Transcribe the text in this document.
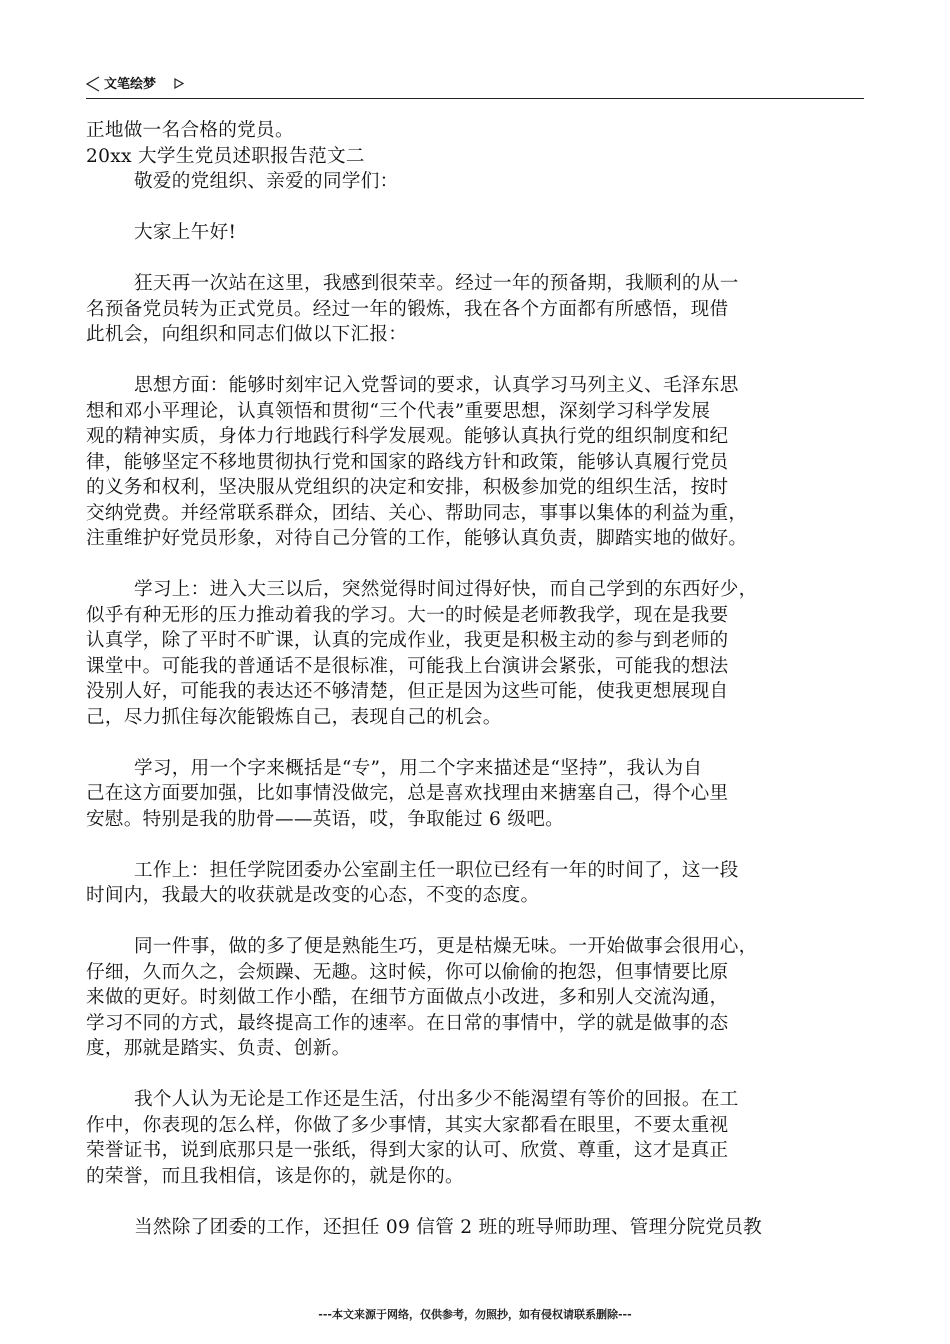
文笔绘梦
正地做一名合格的党员。
20xx 大学生党员述职报告范文二
敬爱的党组织、亲爱的同学们：
大家上午好!
狂天再一次站在这里，我感到很荣幸。经过一年的预备期，我顺利的从一
名预备党员转为正式党员。经过一年的锻炼，我在各个方面都有所感悟，现借
此机会，向组织和同志们做以下汇报：
思想方面：能够时刻牢记入党誓词的要求，认真学习马列主义、毛泽东思
想和邓小平理论，认真领悟和贯彻“三个代表”重要思想，深刻学习科学发展
观的精神实质，身体力行地践行科学发展观。能够认真执行党的组织制度和纪
律，能够坚定不移地贯彻执行党和国家的路线方针和政策，能够认真履行党员
的义务和权利，坚决服从党组织的决定和安排，积极参加党的组织生活，按时
交纳党费。并经常联系群众，团结、关心、帮助同志，事事以集体的利益为重，
注重维护好党员形象，对待自己分管的工作，能够认真负责，脚踏实地的做好。
学习上：进入大三以后，突然觉得时间过得好快，而自己学到的东西好少，
似乎有种无形的压力推动着我的学习。大一的时候是老师教我学，现在是我要
认真学，除了平时不旷课，认真的完成作业，我更是积极主动的参与到老师的
课堂中。可能我的普通话不是很标准，可能我上台演讲会紧张，可能我的想法
没别人好，可能我的表达还不够清楚，但正是因为这些可能，使我更想展现自
己，尽力抓住每次能锻炼自己，表现自己的机会。
学习，用一个字来概括是“专”，用二个字来描述是“坚持”，我认为自
己在这方面要加强，比如事情没做完，总是喜欢找理由来搪塞自己，得个心里
安慰。特别是我的肋骨——英语，哎，争取能过 6 级吧。
工作上：担任学院团委办公室副主任一职位已经有一年的时间了，这一段
时间内，我最大的收获就是改变的心态，不变的态度。
同一件事，做的多了便是熟能生巧，更是枯燥无味。一开始做事会很用心，
仔细，久而久之，会烦躁、无趣。这时候，你可以偷偷的抱怨，但事情要比原
来做的更好。时刻做工作小酷，在细节方面做点小改进，多和别人交流沟通，
学习不同的方式，最终提高工作的速率。在日常的事情中，学的就是做事的态
度，那就是踏实、负责、创新。
我个人认为无论是工作还是生活，付出多少不能渴望有等价的回报。在工
作中，你表现的怎么样，你做了多少事情，其实大家都看在眼里，不要太重视
荣誉证书，说到底那只是一张纸，得到大家的认可、欣赏、尊重，这才是真正
的荣誉，而且我相信，该是你的，就是你的。
当然除了团委的工作，还担任 09 信管 2 班的班导师助理、管理分院党员教
---本文来源于网络，仅供参考，勿照抄，如有侵权请联系删除---
